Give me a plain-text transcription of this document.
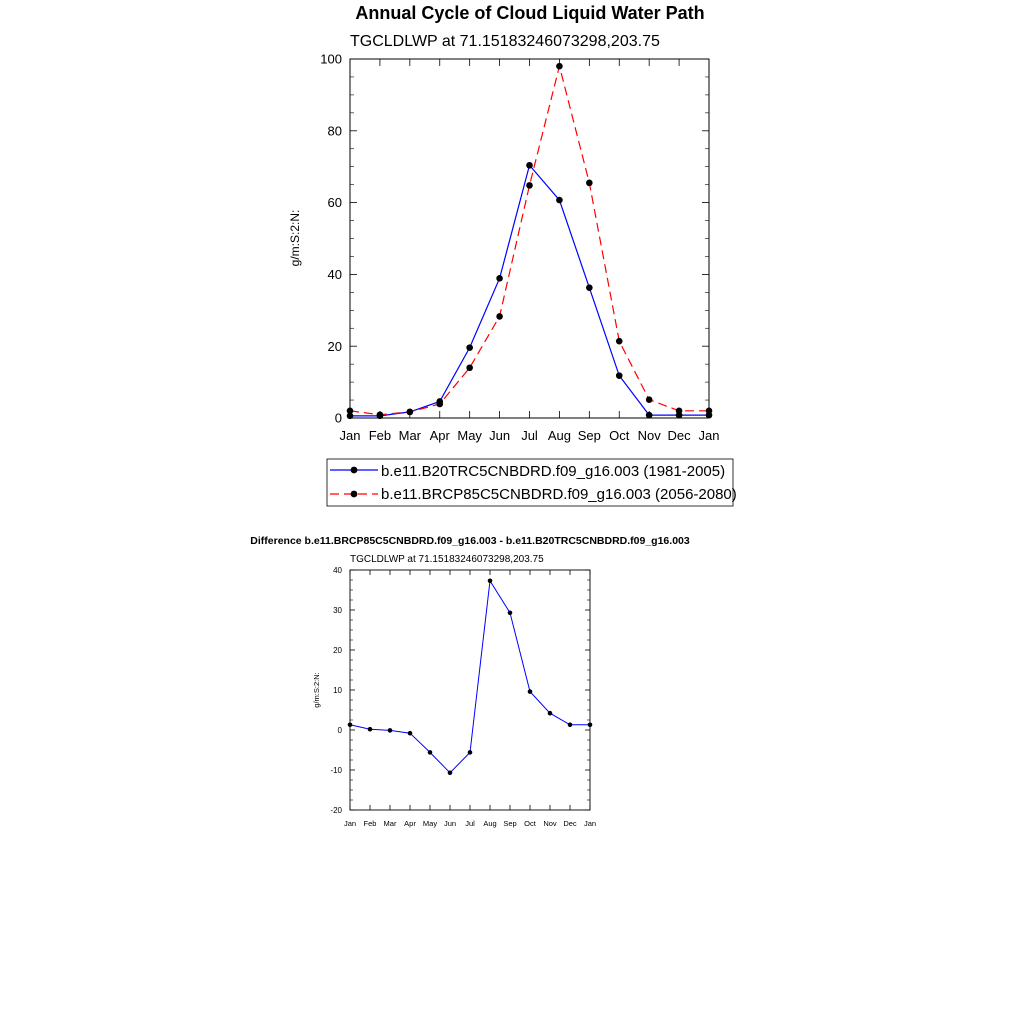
Annual Cycle of Cloud Liquid Water Path
TGCLDLWP at 71.15183246073298,203.75
g/m:S:2:N:
Jan Feb Mar Apr May Jun Jul Aug Sep Oct Nov Dec Jan
0
20
40
60
80
100
b.e11.B20TRC5CNBDRD.f09_g16.003 (1981-2005)
b.e11.BRCP85C5CNBDRD.f09_g16.003 (2056-2080)
Difference b.e11.BRCP85C5CNBDRD.f09_g16.003 - b.e11.B20TRC5CNBDRD.f09_g16.003
TGCLDLWP at 71.15183246073298,203.75
g/m:S:2:N:
Jan Feb Mar Apr May Jun Jul Aug Sep Oct Nov Dec Jan
-20
-10
0
10
20
30
40
